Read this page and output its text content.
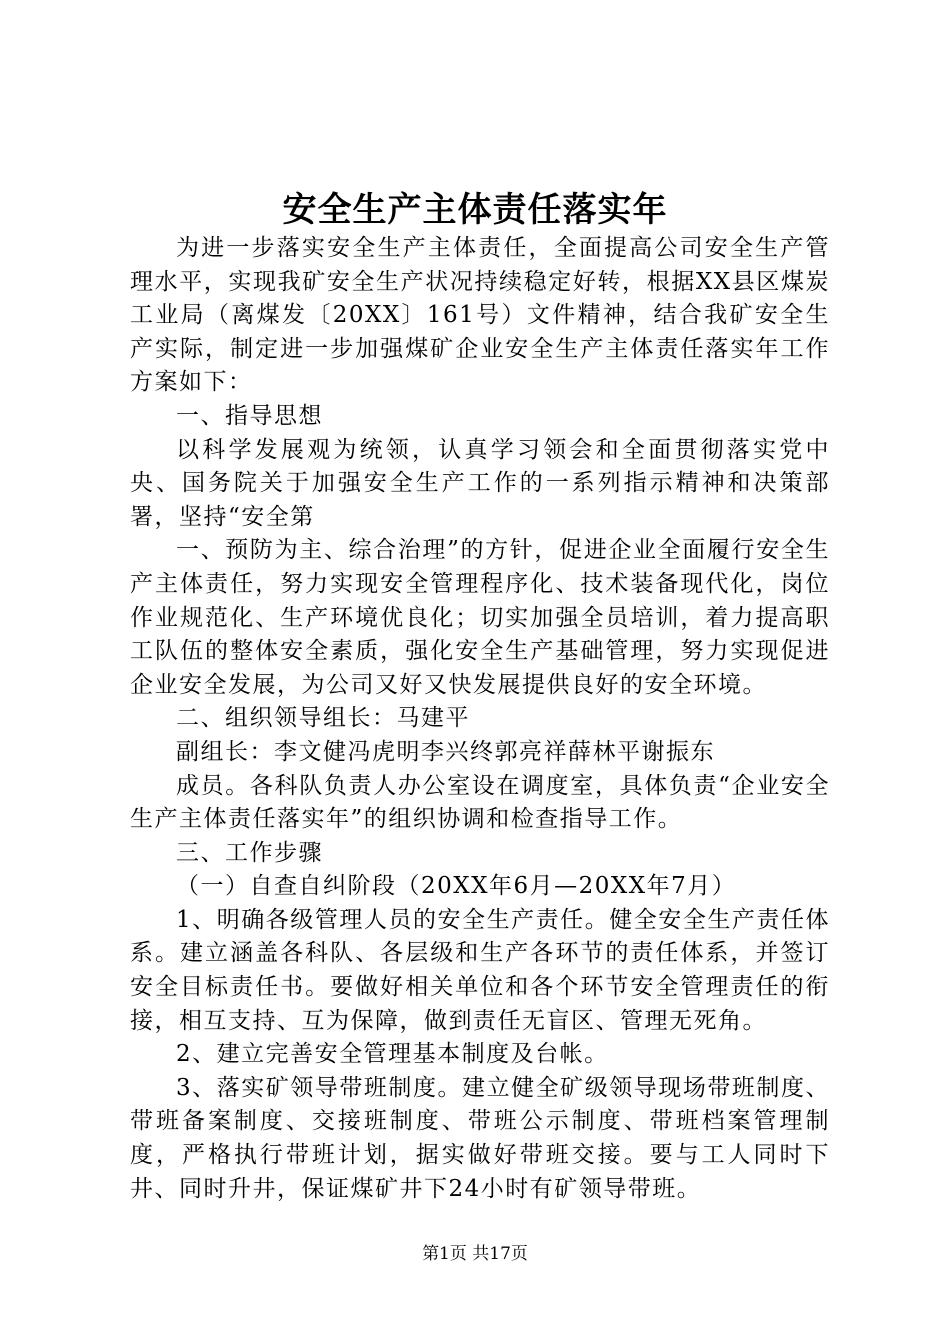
安全生产主体责任落实年

为进一步落实安全生产主体责任，全面提高公司安全生产管理水平，实现我矿安全生产状况持续稳定好转，根据XX县区煤炭工业局（离煤发〔20XX〕161号）文件精神，结合我矿安全生产实际，制定进一步加强煤矿企业安全生产主体责任落实年工作方案如下：

一、指导思想

以科学发展观为统领，认真学习领会和全面贯彻落实党中央、国务院关于加强安全生产工作的一系列指示精神和决策部署，坚持“安全第

一、预防为主、综合治理”的方针，促进企业全面履行安全生产主体责任，努力实现安全管理程序化、技术装备现代化，岗位作业规范化、生产环境优良化；切实加强全员培训，着力提高职工队伍的整体安全素质，强化安全生产基础管理，努力实现促进企业安全发展，为公司又好又快发展提供良好的安全环境。

二、组织领导组长：马建平

副组长：李文健冯虎明李兴终郭亮祥薛林平谢振东

成员。各科队负责人办公室设在调度室，具体负责“企业安全生产主体责任落实年”的组织协调和检查指导工作。

三、工作步骤

（一）自查自纠阶段（20XX年6月—20XX年7月）

1、明确各级管理人员的安全生产责任。健全安全生产责任体系。建立涵盖各科队、各层级和生产各环节的责任体系，并签订安全目标责任书。要做好相关单位和各个环节安全管理责任的衔接，相互支持、互为保障，做到责任无盲区、管理无死角。

2、建立完善安全管理基本制度及台帐。

3、落实矿领导带班制度。建立健全矿级领导现场带班制度、带班备案制度、交接班制度、带班公示制度、带班档案管理制度，严格执行带班计划，据实做好带班交接。要与工人同时下井、同时升井，保证煤矿井下24小时有矿领导带班。

第1页 共17页
